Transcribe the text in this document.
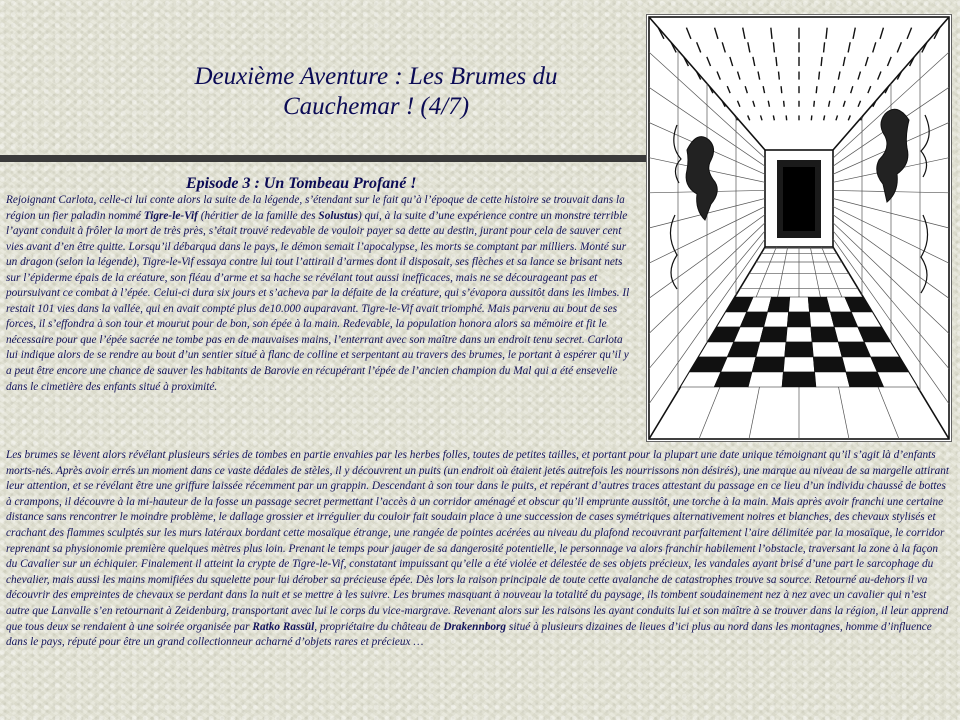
Deuxième Aventure : Les Brumes du Cauchemar ! (4/7)
Episode 3 : Un Tombeau Profané !

Rejoignant Carlota, celle-ci lui conte alors la suite de la légende, s’étendant sur le fait qu’à l’époque de cette histoire se trouvait dans la région un fier paladin nommé Tigre-le-Vif (héritier de la famille des Solustus) qui, à la suite d’une expérience contre un monstre terrible l’ayant conduit à frôler la mort de très près, s’était trouvé redevable de vouloir payer sa dette au destin, jurant pour cela de sauver cent vies avant d’en être quitte. Lorsqu’il débarqua dans le pays, le démon semait l’apocalypse, les morts se comptant par milliers. Monté sur un dragon (selon la légende), Tigre-le-Vif essaya contre lui tout l’attirail d’armes dont il disposait, ses flèches et sa lance se brisant nets sur l’épiderme épais de la créature, son fléau d’arme et sa hache se révélant tout aussi inefficaces, mais ne se décourageant pas et poursuivant ce combat à l’épée. Celui-ci dura six jours et s’acheva par la défaite de la créature, qui s’évapora aussitôt dans les limbes. Il restait 101 vies dans la vallée, qui en avait compté plus de10.000 auparavant. Tigre-le-Vif avait triomphé. Mais parvenu au bout de ses forces, il s’effondra à son tour et mourut pour de bon, son épée à la main. Redevable, la population honora alors sa mémoire et fit le nécessaire pour que l’épée sacrée ne tombe pas en de mauvaises mains, l’enterrant avec son maître dans un endroit tenu secret. Carlota lui indique alors de se rendre au bout d’un sentier situé à flanc de colline et serpentant au travers des brumes, le portant à espérer qu’il y a peut être encore une chance de sauver les habitants de Barovie en récupérant l’épée de l’ancien champion du Mal qui a été ensevelie dans le cimetière des enfants situé à proximité.

Les brumes se lèvent alors révélant plusieurs séries de tombes en partie envahies par les herbes folles, toutes de petites tailles, et portant pour la plupart une date unique témoignant qu’il s’agit là d’enfants morts-nés. Après avoir errés un moment dans ce vaste dédales de stèles, il y découvrent un puits (un endroit où étaient jetés autrefois les nourrissons non désirés), une marque au niveau de sa margelle attirant leur attention, et se révélant être une griffure laissée récemment par un grappin. Descendant à son tour dans le puits, et repérant d’autres traces attestant du passage en ce lieu d’un individu chaussé de bottes à crampons, il découvre à la mi-hauteur de la fosse un passage secret permettant l’accès à un corridor aménagé et obscur qu’il emprunte aussitôt, une torche à la main. Mais après avoir franchi une certaine distance sans rencontrer le moindre problème, le dallage grossier et irrégulier du couloir fait soudain place à une succession de cases symétriques alternativement noires et blanches, des chevaux stylisés et crachant des flammes sculptés sur les murs latéraux bordant cette mosaïque étrange, une rangée de pointes acérées au niveau du plafond recouvrant parfaitement l’aire délimitée par la mosaïque, le corridor reprenant sa physionomie première quelques mètres plus loin. Prenant le temps pour jauger de sa dangerosité potentielle, le personnage va alors franchir habilement l’obstacle, traversant la zone à la façon du Cavalier sur un échiquier. Finalement il atteint la crypte de Tigre-le-Vif, constatant impuissant qu’elle a été violée et délestée de ses objets précieux, les vandales ayant brisé d’une part le sarcophage du chevalier, mais aussi les mains momifiées du squelette pour lui dérober sa précieuse épée. Dès lors la raison principale de toute cette avalanche de catastrophes trouve sa source. Retourné au-dehors il va découvrir des empreintes de chevaux se perdant dans la nuit et se mettre à les suivre. Les brumes masquant à nouveau la totalité du paysage, ils tombent soudainement nez à nez avec un cavalier qui n’est autre que Lanvalle s’en retournant à Zeidenburg, transportant avec lui le corps du vice-margrave. Revenant alors sur les raisons les ayant conduits lui et son maître à se trouver dans la région, il leur apprend que tous deux se rendaient à une soirée organisée par Ratko Rassül, propriétaire du château de Drakennborg situé à plusieurs dizaines de lieues d’ici plus au nord dans les montagnes, homme d’influence dans le pays, réputé pour être un grand collectionneur acharné d’objets rares et précieux …
